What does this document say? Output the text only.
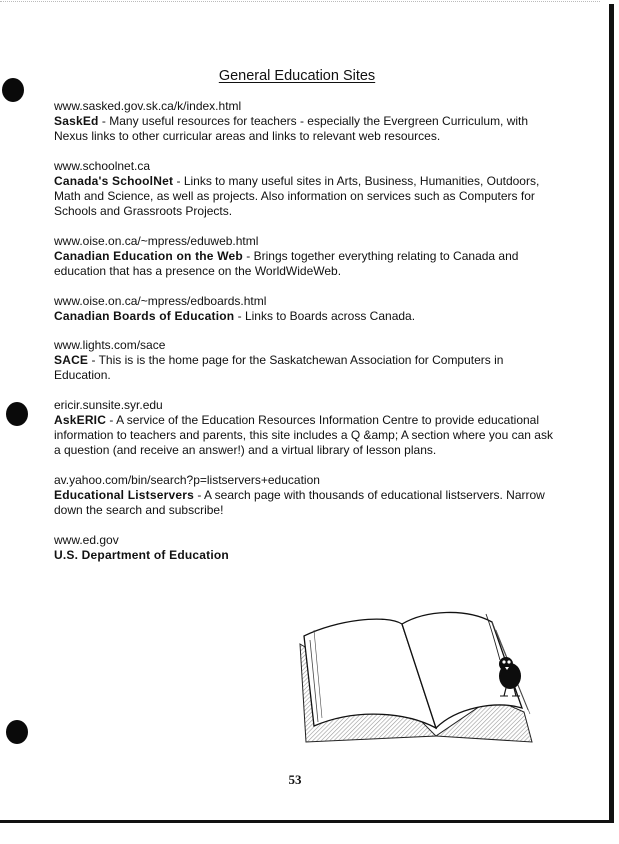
General Education Sites
www.sasked.gov.sk.ca/k/index.html
SaskEd - Many useful resources for teachers - especially the Evergreen Curriculum, with Nexus links to other curricular areas and links to relevant web resources.
www.schoolnet.ca
Canada's SchoolNet - Links to many useful sites in Arts, Business, Humanities, Outdoors, Math and Science, as well as projects. Also information on services such as Computers for Schools and Grassroots Projects.
www.oise.on.ca/~mpress/eduweb.html
Canadian Education on the Web - Brings together everything relating to Canada and education that has a presence on the WorldWideWeb.
www.oise.on.ca/~mpress/edboards.html
Canadian Boards of Education - Links to Boards across Canada.
www.lights.com/sace
SACE - This is is the home page for the Saskatchewan Association for Computers in Education.
ericir.sunsite.syr.edu
AskERIC - A service of the Education Resources Information Centre to provide educational information to teachers and parents, this site includes a Q &amp; A section where you can ask a question (and receive an answer!) and a virtual library of lesson plans.
av.yahoo.com/bin/search?p=listservers+education
Educational Listservers - A search page with thousands of educational listservers. Narrow down the search and subscribe!
www.ed.gov
U.S. Department of Education
53
